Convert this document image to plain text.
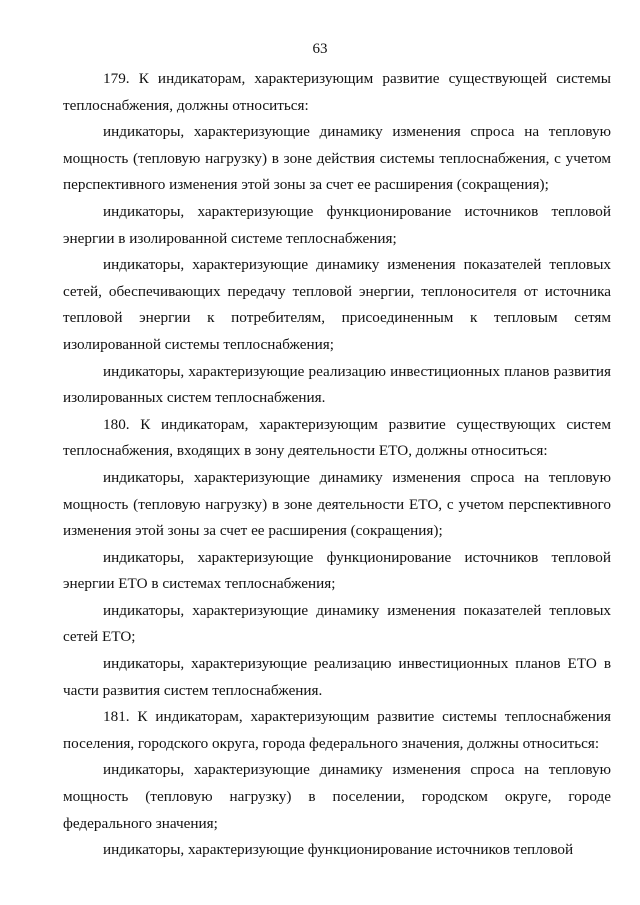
63

179. К индикаторам, характеризующим развитие существующей системы теплоснабжения, должны относиться:

индикаторы, характеризующие динамику изменения спроса на тепловую мощность (тепловую нагрузку) в зоне действия системы теплоснабжения, с учетом перспективного изменения этой зоны за счет ее расширения (сокращения);

индикаторы, характеризующие функционирование источников тепловой энергии в изолированной системе теплоснабжения;

индикаторы, характеризующие динамику изменения показателей тепловых сетей, обеспечивающих передачу тепловой энергии, теплоносителя от источника тепловой энергии к потребителям, присоединенным к тепловым сетям изолированной системы теплоснабжения;

индикаторы, характеризующие реализацию инвестиционных планов развития изолированных систем теплоснабжения.

180. К индикаторам, характеризующим развитие существующих систем теплоснабжения, входящих в зону деятельности ЕТО, должны относиться:

индикаторы, характеризующие динамику изменения спроса на тепловую мощность (тепловую нагрузку) в зоне деятельности ЕТО, с учетом перспективного изменения этой зоны за счет ее расширения (сокращения);

индикаторы, характеризующие функционирование источников тепловой энергии ЕТО в системах теплоснабжения;

индикаторы, характеризующие динамику изменения показателей тепловых сетей ЕТО;

индикаторы, характеризующие реализацию инвестиционных планов ЕТО в части развития систем теплоснабжения.

181. К индикаторам, характеризующим развитие системы теплоснабжения поселения, городского округа, города федерального значения, должны относиться:

индикаторы, характеризующие динамику изменения спроса на тепловую мощность (тепловую нагрузку) в поселении, городском округе, городе федерального значения;

индикаторы, характеризующие функционирование источников тепловой
